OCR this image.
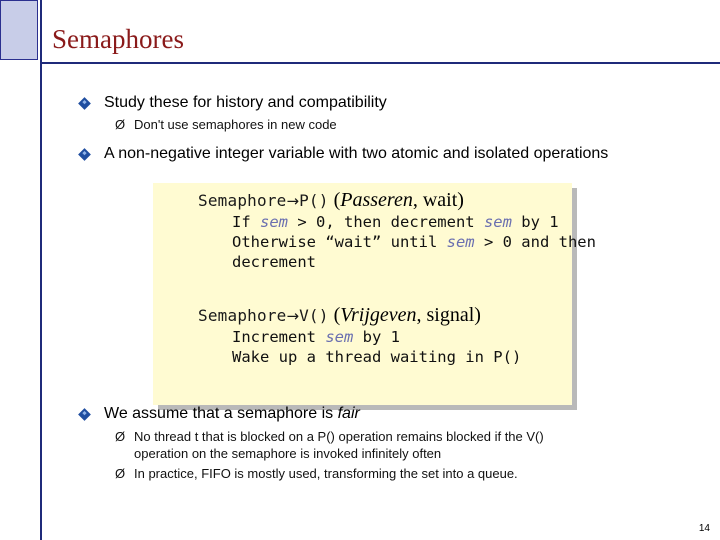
Semaphores
Study these for history and compatibility
Ø Don't use semaphores in new code
A non-negative integer variable with two atomic and isolated operations
Semaphore→P() (Passeren, wait)
If sem > 0, then decrement sem by 1
Otherwise “wait” until sem > 0 and then
decrement
Semaphore→V() (Vrijgeven, signal)
Increment sem by 1
Wake up a thread waiting in P()
We assume that a semaphore is fair
Ø No thread t that is blocked on a P() operation remains blocked if the V()
operation on the semaphore is invoked infinitely often
Ø In practice, FIFO is mostly used, transforming the set into a queue.
14
